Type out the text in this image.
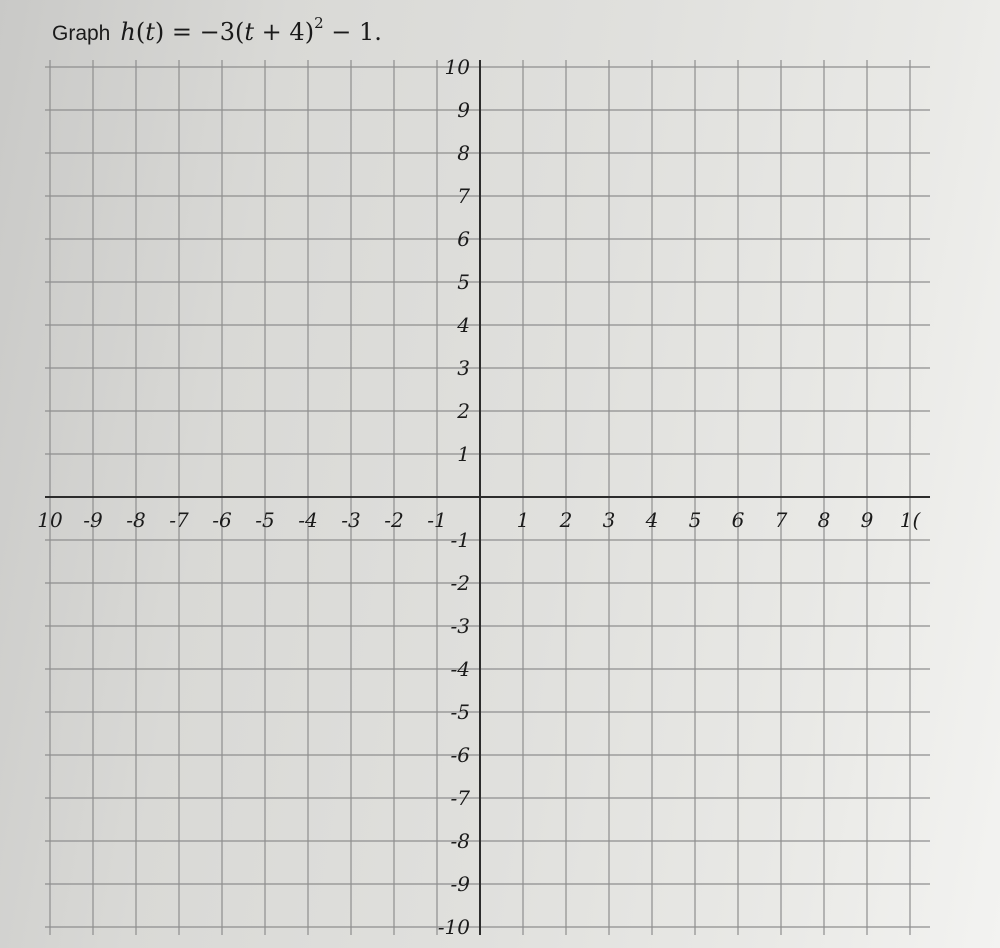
Graph $h(t) = -3(t + 4)^2 - 1$.
10 -9 -8 -7 -6 -5 -4 -3 -2 -1	1 2 3 4 5 6 7 8 9 1(
10
9
8
7
6
5
4
3
2
1
-1
-2
-3
-4
-5
-6
-7
-8
-9
-10
